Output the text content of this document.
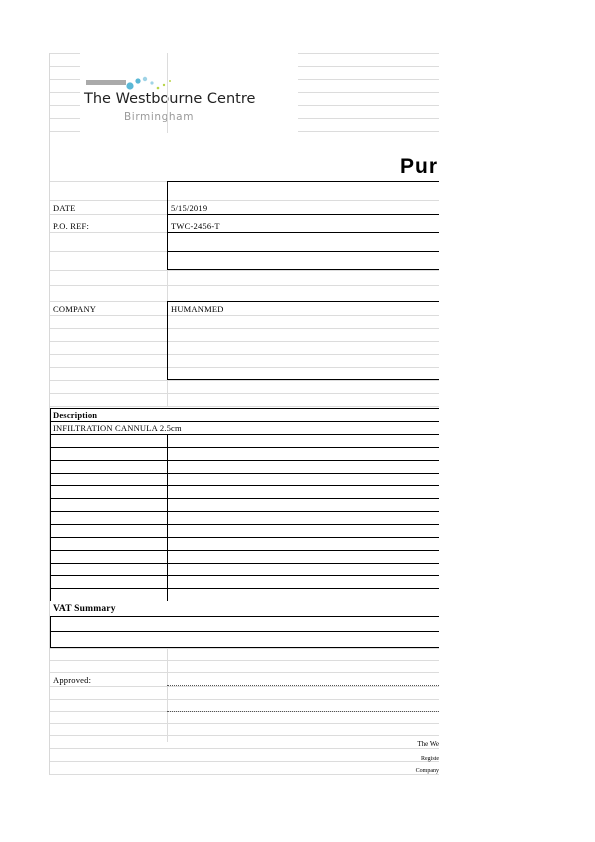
The Westbourne Centre
Birmingham
Pur
DATE	5/15/2019
P.O. REF:	TWC-2456-T
COMPANY	HUMANMED
Description
INFILTRATION CANNULA 2.5cm
VAT Summary
Approved:
The We
Registe
Company
